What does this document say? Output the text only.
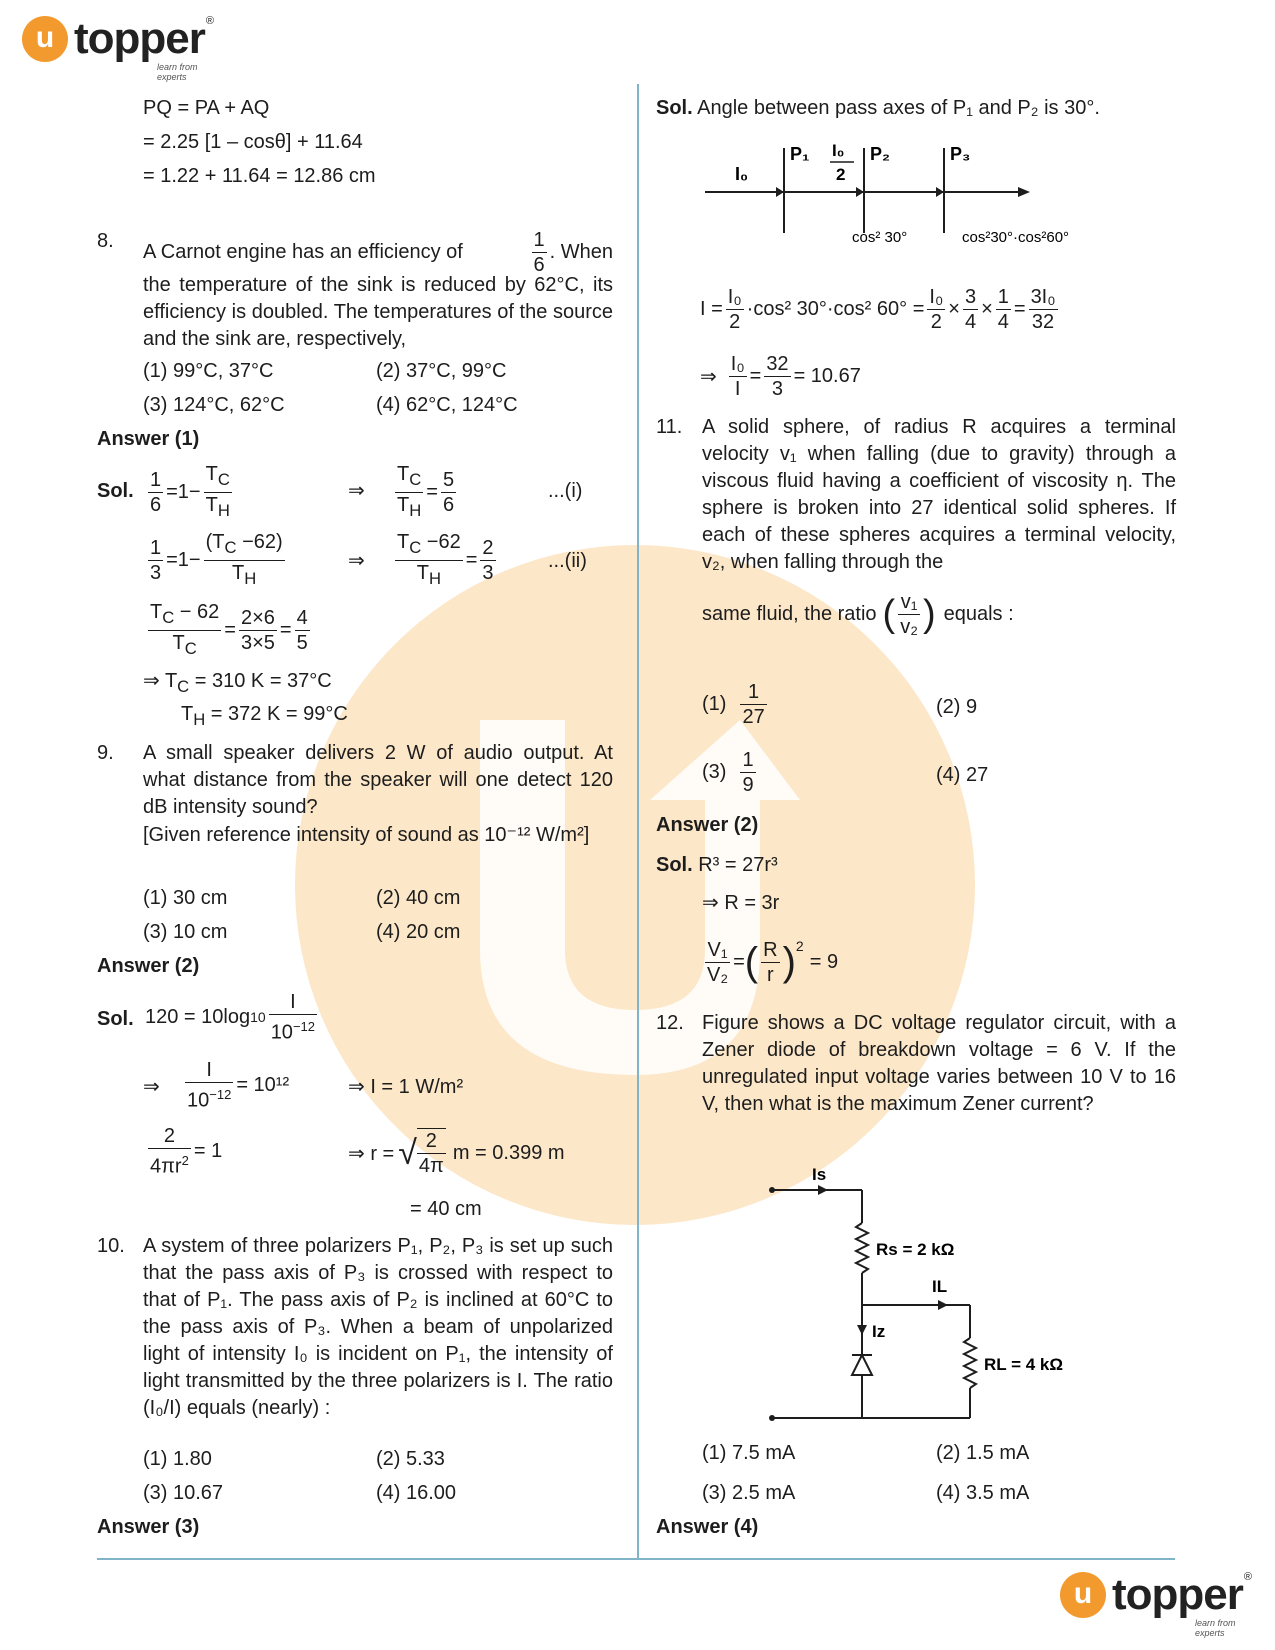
u topper ®
learn from experts
u topper ®
learn from experts
PQ = PA + AQ
= 2.25 [1 – cosθ] + 11.64
= 1.22 + 11.64 = 12.86 cm
8. A Carnot engine has an efficiency of	$\frac{1}{6}$ . When
the temperature of the sink is reduced by 62°C, its efficiency is doubled. The temperatures of the source and the sink are, respectively,
(1) 99°C, 37°C	(2) 37°C, 99°C
(3) 124°C, 62°C	(4) 62°C, 124°C
Answer (1)
Sol. $\frac{1}{6} =1- \frac{T_C}{T_H}$	⇒ $\frac{T_C}{T_H} = \frac{5}{6}$	...(i)
$\frac{1}{3} =1- \frac{(T_C -62)}{T_H}$	⇒ $\frac{T_C -62}{T_H} = \frac{2}{3}$	...(ii)
$\frac{T_C - 62}{T_C} = \frac{2\times 6}{3\times 5} = \frac{4}{5}$
⇒ $T_C = 310$ K = 37°C
$T_H = 372$ K = 99°C
9. A small speaker delivers 2 W of audio output. At what distance from the speaker will one detect 120 dB intensity sound?
[Given reference intensity of sound as 10⁻¹² W/m²]
(1) 30 cm	(2) 40 cm
(3) 10 cm	(4) 20 cm
Answer (2)
Sol. 120 = 10log $10 \frac{I}{10^{-12}}$
⇒ $\frac{I}{10^{-12}} = 10^{12}$	⇒ I = 1 W/m²
$\frac{2}{4\pi r^2} = 1$	⇒ r = √ $\frac{2}{4\pi}$ m = 0.399 m
= 40 cm
10. A system of three polarizers P₁, P₂, P₃ is set up such that the pass axis of P₃ is crossed with respect to that of P₁. The pass axis of P₂ is inclined at 60°C to the pass axis of P₃. When a beam of unpolarized light of intensity I₀ is incident on P₁, the intensity of light transmitted by the three polarizers is I. The ratio (I₀/I) equals (nearly) :
(1) 1.80	(2) 5.33
(3) 10.67	(4) 16.00
Answer (3)
Sol. Angle between pass axes of P₁ and P₂ is 30°.
I₀
P₁	P₂	P₃
I₀
2
cos² 30°	cos²30°·cos²60°
$I = \frac{\text{I₀}}{2} \cdot\cos^2$ 30°·cos² $60^\circ = \frac{\text{I₀}}{2} \times \frac{3}{4} \times \frac{1}{4} = \frac{\text{3I₀}}{32}$
⇒ $\frac{\text{I₀}}{I} = \frac{32}{3} = 10.67$
11. A solid sphere, of radius R acquires a terminal velocity v₁ when falling (due to gravity) through a viscous fluid having a coefficient of viscosity η. The sphere is broken into 27 identical solid spheres. If each of these spheres acquires a terminal velocity, v₂, when falling through the
same fluid, the ratio ( $\frac{\text{v₁}}{\text{v₂}}$ ) equals :
$(1) \frac{1}{27}$	(2) 9
$(3) \frac{1}{9}$	(4) 27
Answer (2)
Sol. R³ = 27r³
⇒ R = 3r
$\frac{\text{V₁}}{\text{V₂}}$ = ( $\frac{R}{r} )^2$
= 9
12. Figure shows a DC voltage regulator circuit, with a Zener diode of breakdown voltage = 6 V. If the unregulated input voltage varies between 10 V to 16 V, then what is the maximum Zener current?
Is
Rs = 2 kΩ
IL
Iz
RL = 4 kΩ
(1) 7.5 mA	(2) 1.5 mA
(3) 2.5 mA	(4) 3.5 mA
Answer (4)
